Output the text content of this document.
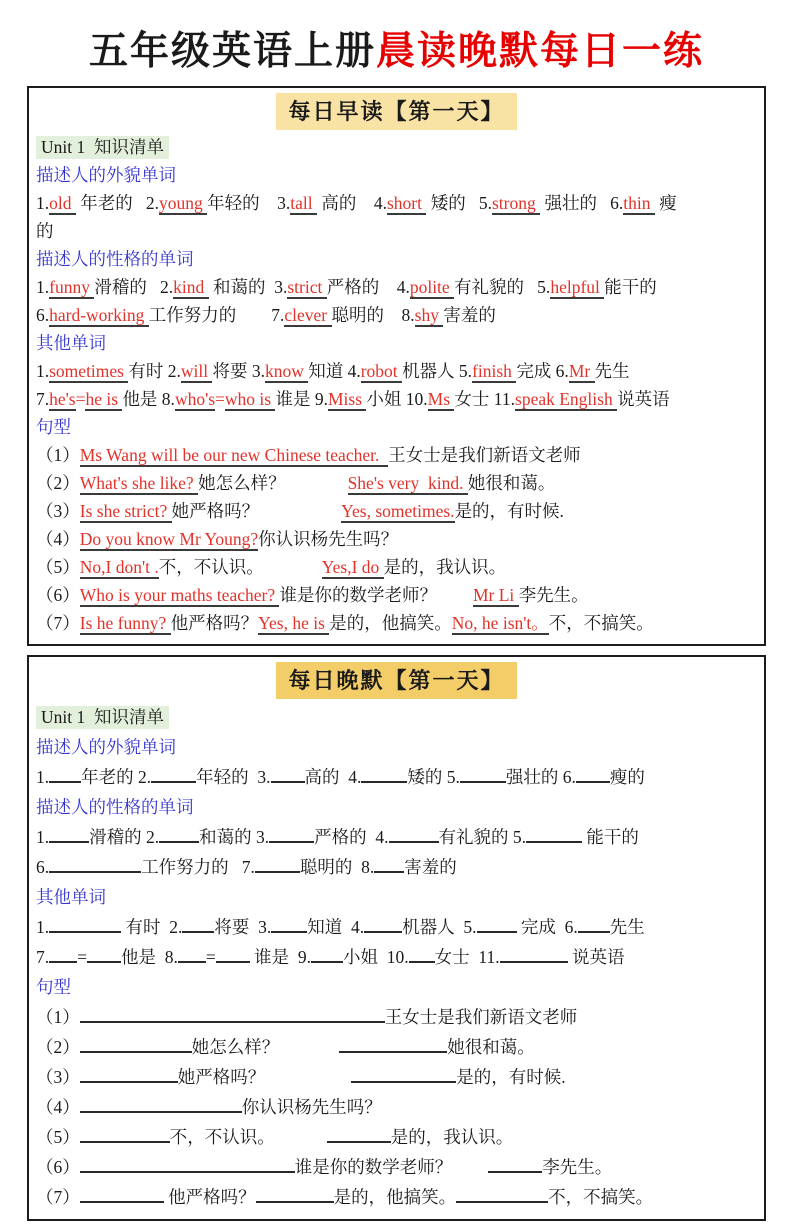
五年级英语上册晨读晚默每日一练
每日早读【第一天】
Unit 1  知识清单
描述人的外貌单词
1.old  年老的   2.young 年轻的    3.tall  高的    4.short  矮的   5.strong  强壮的   6.thin  瘦
的
描述人的性格的单词
1.funny 滑稽的   2.kind  和蔼的  3.strict 严格的    4.polite 有礼貌的   5.helpful 能干的
6.hard-working 工作努力的        7.clever 聪明的    8.shy 害羞的
其他单词
1.sometimes 有时 2.will 将要 3.know 知道 4.robot 机器人 5.finish 完成 6.Mr 先生
7.he's=he is 他是 8.who's=who is 谁是 9.Miss 小姐 10.Ms 女士 11.speak English 说英语
句型
（1）Ms Wang will be our new Chinese teacher.  王女士是我们新语文老师
（2）What's she like? 她怎么样？	She's very  kind. 她很和蔼。
（3）Is she strict? 她严格吗？	Yes, sometimes.是的，有时候.
（4）Do you know Mr Young?你认识杨先生吗？
（5）No,I don't .不，不认识。	Yes,I do 是的，我认识。
（6）Who is your maths teacher? 谁是你的数学老师？ Mr Li 李先生。
（7）Is he funny? 他严格吗？Yes, he is 是的，他搞笑。No, he isn't。不，不搞笑。
每日晚默【第一天】
Unit 1  知识清单
描述人的外貌单词
1. 年老的 2.	年轻的  3. 高的  4.	矮的 5.	强壮的 6. 瘦的
描述人的性格的单词
1. 滑稽的 2. 和蔼的 3.	严格的  4.	有礼貌的 5.	能干的
6.	工作努力的   7.	聪明的  8. 害羞的
其他单词
1.	有时  2. 将要  3. 知道  4. 机器人  5. 完成  6. 先生
7. = 他是  8. = 谁是  9. 小姐  10. 女士  11.	说英语
句型
（1）	王女士是我们新语文老师
（2）	她怎么样？	她很和蔼。
（3）	她严格吗？	是的，有时候.
（4）	你认识杨先生吗？
（5）	不，不认识。	是的，我认识。
（6）	谁是你的数学老师？	李先生。
（7）	他严格吗？	是的，他搞笑。	不，不搞笑。
